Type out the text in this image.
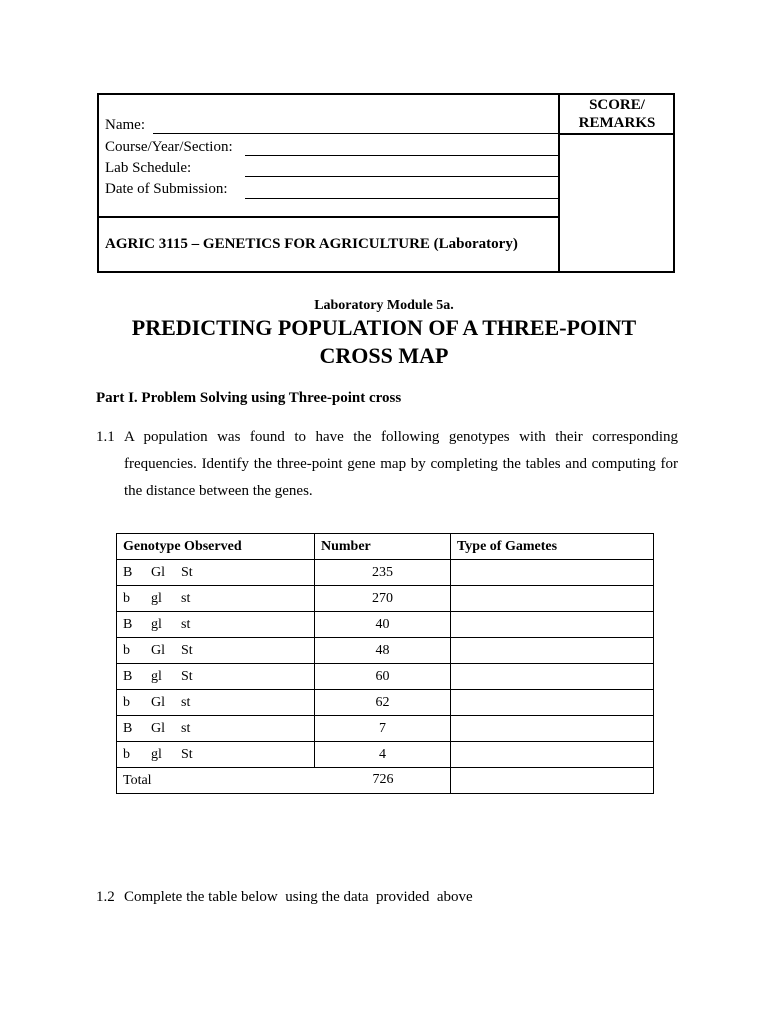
SCORE/
REMARKS
Name:
Course/Year/Section:
Lab Schedule:
Date of Submission:
AGRIC 3115 – GENETICS FOR AGRICULTURE (Laboratory)
Laboratory Module 5a.
PREDICTING POPULATION OF A THREE-POINT
CROSS MAP
Part I. Problem Solving using Three-point cross
1.1 A population was found to have the following genotypes with their corresponding frequencies. Identify the three-point gene map by completing the tables and computing for the distance between the genes.
Genotype Observed	Number	Type of Gametes
B Gl St	235	
b gl st	270	
B gl st	40	
b Gl St	48	
B gl St	60	
b Gl st	62	
B Gl st	7	
b gl St	4	
Total 726		

1.2 Complete the table below  using the data  provided  above
